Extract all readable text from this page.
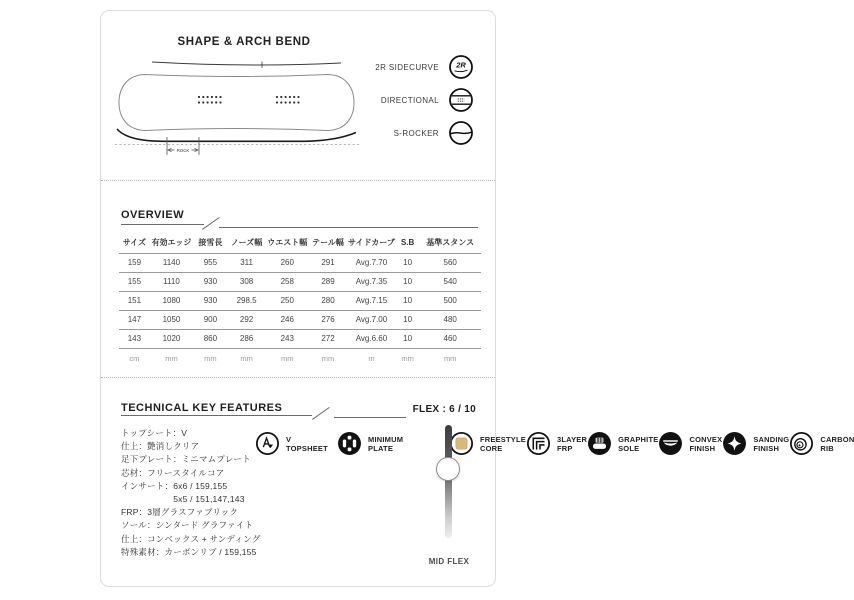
SHAPE & ARCH BEND
ROCK
2R SIDECURVE 2R
DIRECTIONAL
S-ROCKER
OVERVIEW
サイズ	有効エッジ	接雪長	ノーズ幅	ウエスト幅	テール幅	サイドカーブ	S.B	基準スタンス
159	1140	955	311	260	291	Avg.7.70	10	560
155	1110	930	308	258	289	Avg.7.35	10	540
151	1080	930	298.5	250	280	Avg.7.15	10	500
147	1050	900	292	246	276	Avg.7.00	10	480
143	1020	860	286	243	272	Avg.6.60	10	460
cm	mm	mm	mm	mm	mm	m	mm	mm
TECHNICAL KEY FEATURES	FLEX : 6 / 10
トップシート：V
仕上：艶消しクリア
足下プレート：ミニマムプレート
芯材：フリースタイルコア
インサート：6x6 / 159,155
　　　　　　5x5 / 151,147,143
FRP：3層グラスファブリック
ソール：シンタード グラファイト
仕上：コンベックス + サンディング
特殊素材：カーボンリブ / 159,155
V
TOPSHEET
MINIMUM
PLATE
FREESTYLE
CORE
3LAYER
FRP
GRAPHITE
SOLE
CONVEX
FINISH
SANDING
FINISH
CARBON
RIB
MID FLEX
